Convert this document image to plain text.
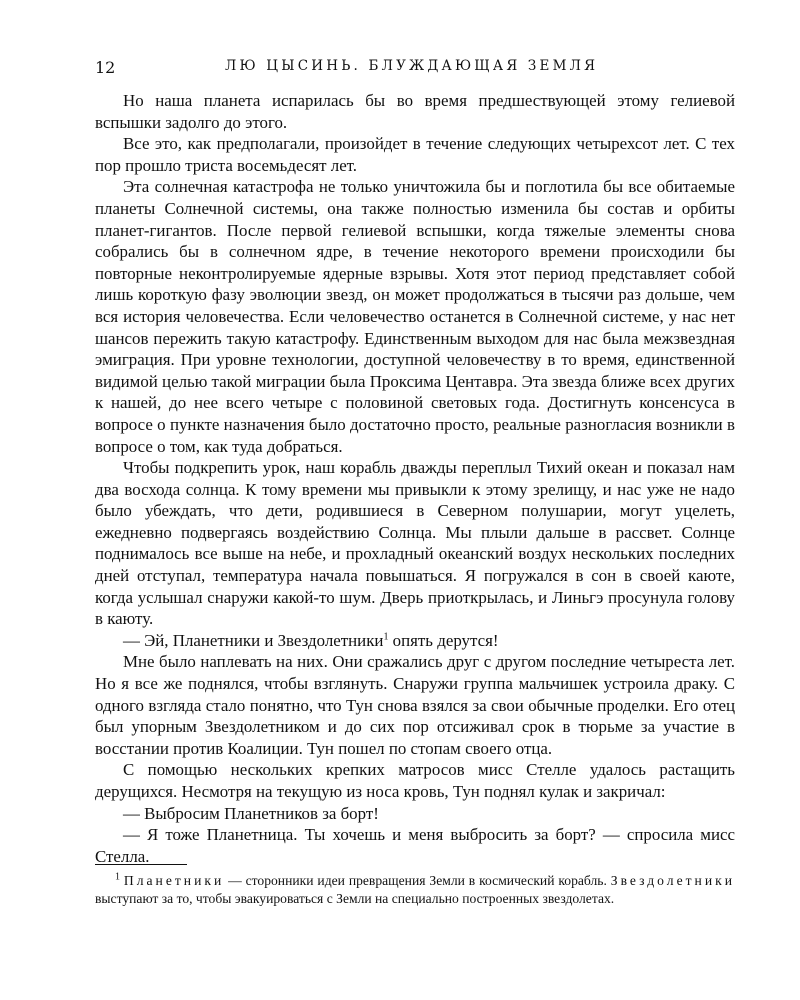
12	ЛЮ ЦЫСИНЬ. БЛУЖДАЮЩАЯ ЗЕМЛЯ

Но наша планета испарилась бы во время предшествующей этому гелиевой вспышки задолго до этого.

Все это, как предполагали, произойдет в течение следующих четырехсот лет. С тех пор прошло триста восемьдесят лет.

Эта солнечная катастрофа не только уничтожила бы и поглотила бы все обитаемые планеты Солнечной системы, она также полностью изменила бы состав и орбиты планет-гигантов. После первой гелиевой вспышки, когда тяжелые элементы снова собрались бы в солнечном ядре, в течение некоторого времени происходили бы повторные неконтролируемые ядерные взрывы. Хотя этот период представляет собой лишь короткую фазу эволюции звезд, он может продолжаться в тысячи раз дольше, чем вся история человечества. Если человечество останется в Солнечной системе, у нас нет шансов пережить такую катастрофу. Единственным выходом для нас была межзвездная эмиграция. При уровне технологии, доступной человечеству в то время, единственной видимой целью такой миграции была Проксима Центавра. Эта звезда ближе всех других к нашей, до нее всего четыре с половиной световых года. Достигнуть консенсуса в вопросе о пункте назначения было достаточно просто, реальные разногласия возникли в вопросе о том, как туда добраться.

Чтобы подкрепить урок, наш корабль дважды переплыл Тихий океан и показал нам два восхода солнца. К тому времени мы привыкли к этому зрелищу, и нас уже не надо было убеждать, что дети, родившиеся в Северном полушарии, могут уцелеть, ежедневно подвергаясь воздействию Солнца. Мы плыли дальше в рассвет. Солнце поднималось все выше на небе, и прохладный океанский воздух нескольких последних дней отступал, температура начала повышаться. Я погружался в сон в своей каюте, когда услышал снаружи какой-то шум. Дверь приоткрылась, и Линьгэ просунула голову в каюту.

— Эй, Планетники и Звездолетники$^1$ опять дерутся!

Мне было наплевать на них. Они сражались друг с другом последние четыреста лет. Но я все же поднялся, чтобы взглянуть. Снаружи группа мальчишек устроила драку. С одного взгляда стало понятно, что Тун снова взялся за свои обычные проделки. Его отец был упорным Звездолетником и до сих пор отсиживал срок в тюрьме за участие в восстании против Коалиции. Тун пошел по стопам своего отца.

С помощью нескольких крепких матросов мисс Стелле удалось растащить дерущихся. Несмотря на текущую из носа кровь, Тун поднял кулак и закричал:

— Выбросим Планетников за борт!

— Я тоже Планетница. Ты хочешь и меня выбросить за борт? — спросила мисс Стелла.

$^1$ Планетники — сторонники идеи превращения Земли в космический корабль. Звездолетники выступают за то, чтобы эвакуироваться с Земли на специально построенных звездолетах.
